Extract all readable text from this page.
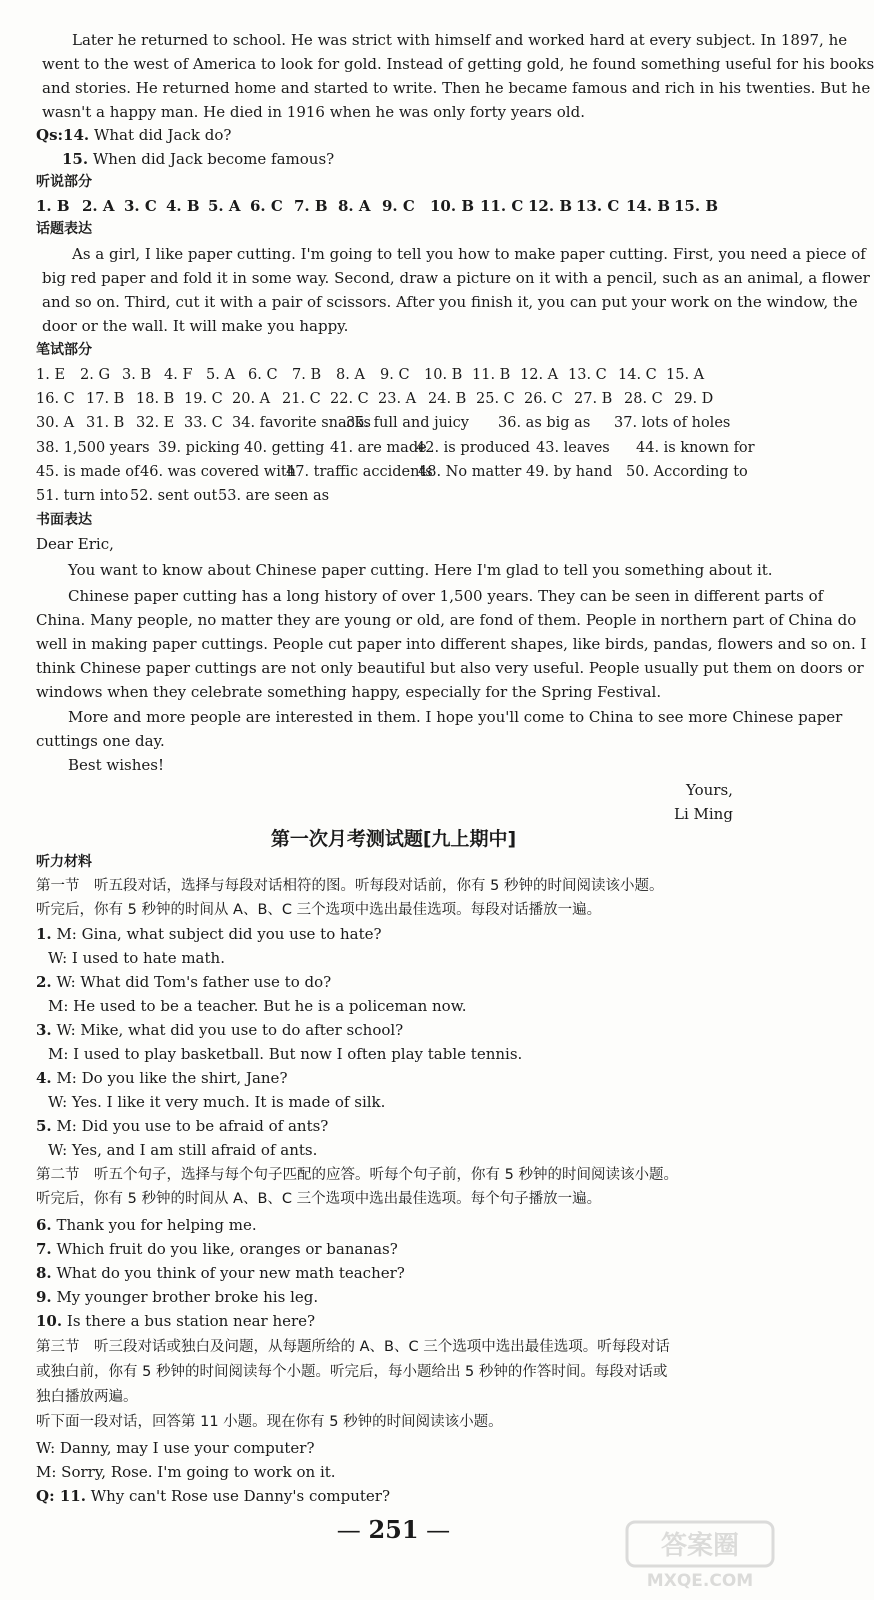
Later he returned to school. He was strict with himself and worked hard at every subject. In 1897, he
went to the west of America to look for gold. Instead of getting gold, he found something useful for his books
and stories. He returned home and started to write. Then he became famous and rich in his twenties. But he
wasn't a happy man. He died in 1916 when he was only forty years old.
Qs:14. What did Jack do?
15. When did Jack become famous?
听说部分
1. B 2. A 3. C 4. B 5. A 6. C 7. B 8. A 9. C 10. B 11. C 12. B 13. C 14. B 15. B
话题表达
As a girl, I like paper cutting. I'm going to tell you how to make paper cutting. First, you need a piece of
big red paper and fold it in some way. Second, draw a picture on it with a pencil, such as an animal, a flower
and so on. Third, cut it with a pair of scissors. After you finish it, you can put your work on the window, the
door or the wall. It will make you happy.
笔试部分
1. E 2. G 3. B 4. F 5. A 6. C 7. B 8. A 9. C 10. B 11. B 12. A 13. C 14. C 15. A
16. C 17. B 18. B 19. C 20. A 21. C 22. C 23. A 24. B 25. C 26. C 27. B 28. C 29. D
30. A 31. B 32. E 33. C 34. favorite snacks
35. full and juicy 36. as big as 37. lots of holes
38. 1,500 years 39. picking 40. getting 41. are made
42. is produced 43. leaves 44. is known for
45. is made of 46. was covered with
47. traffic accidents
48. No matter 49. by hand 50. According to
51. turn into 52. sent out 53. are seen as
书面表达
Dear Eric,
You want to know about Chinese paper cutting. Here I'm glad to tell you something about it.
Chinese paper cutting has a long history of over 1,500 years. They can be seen in different parts of
China. Many people, no matter they are young or old, are fond of them. People in northern part of China do
well in making paper cuttings. People cut paper into different shapes, like birds, pandas, flowers and so on. I
think Chinese paper cuttings are not only beautiful but also very useful. People usually put them on doors or
windows when they celebrate something happy, especially for the Spring Festival.
More and more people are interested in them. I hope you'll come to China to see more Chinese paper
cuttings one day.
Best wishes!
Yours,
Li Ming
第一次月考测试题[九上期中]
听力材料
第一节　听五段对话，选择与每段对话相符的图。听每段对话前，你有 5 秒钟的时间阅读该小题。
听完后，你有 5 秒钟的时间从 A、B、C 三个选项中选出最佳选项。每段对话播放一遍。
1. M: Gina, what subject did you use to hate?
W: I used to hate math.
2. W: What did Tom's father use to do?
M: He used to be a teacher. But he is a policeman now.
3. W: Mike, what did you use to do after school?
M: I used to play basketball. But now I often play table tennis.
4. M: Do you like the shirt, Jane?
W: Yes. I like it very much. It is made of silk.
5. M: Did you use to be afraid of ants?
W: Yes, and I am still afraid of ants.
第二节　听五个句子，选择与每个句子匹配的应答。听每个句子前，你有 5 秒钟的时间阅读该小题。
听完后，你有 5 秒钟的时间从 A、B、C 三个选项中选出最佳选项。每个句子播放一遍。
6. Thank you for helping me.
7. Which fruit do you like, oranges or bananas?
8. What do you think of your new math teacher?
9. My younger brother broke his leg.
10. Is there a bus station near here?
第三节　听三段对话或独白及问题，从每题所给的 A、B、C 三个选项中选出最佳选项。听每段对话
或独白前，你有 5 秒钟的时间阅读每个小题。听完后，每小题给出 5 秒钟的作答时间。每段对话或
独白播放两遍。
听下面一段对话，回答第 11 小题。现在你有 5 秒钟的时间阅读该小题。
W: Danny, may I use your computer?
M: Sorry, Rose. I'm going to work on it.
Q: 11. Why can't Rose use Danny's computer?
— 251 —
答案圈
MXQE.COM
